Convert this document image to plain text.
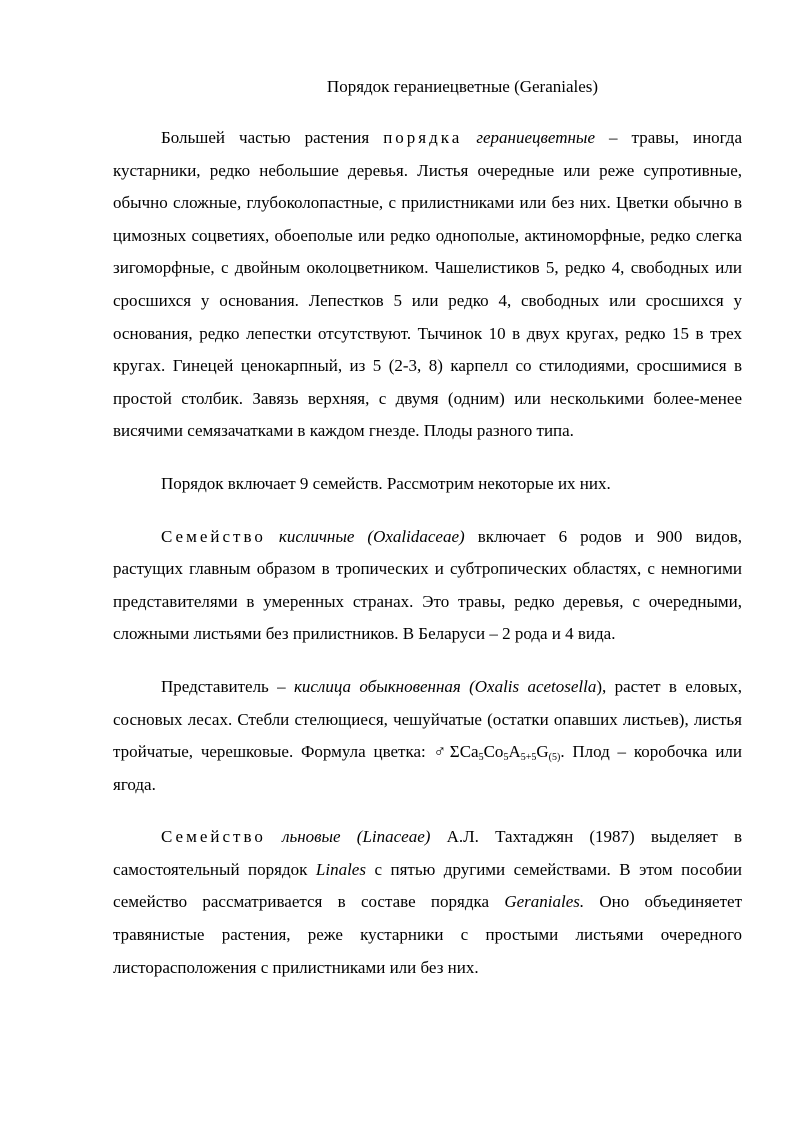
Порядок гераниецветные (Geraniales)

Большей частью растения порядка гераниецветные – травы, иногда кустарники, редко небольшие деревья. Листья очередные или реже супротивные, обычно сложные, глубоколопастные, с прилистниками или без них. Цветки обычно в цимозных соцветиях, обоеполые или редко однополые, актиноморфные, редко слегка зигоморфные, с двойным околоцветником. Чашелистиков 5, редко 4, свободных или сросшихся у основания. Лепестков 5 или редко 4, свободных или сросшихся у основания, редко лепестки отсутствуют. Тычинок 10 в двух кругах, редко 15 в трех кругах. Гинецей ценокарпный, из 5 (2-3, 8) карпелл со стилодиями, сросшимися в простой столбик. Завязь верхняя, с двумя (одним) или несколькими более-менее висячими семязачатками в каждом гнезде. Плоды разного типа.

Порядок включает 9 семейств. Рассмотрим некоторые их них.

Семейство кисличные (Oxalidaceae) включает 6 родов и 900 видов, растущих главным образом в тропических и субтропических областях, с немногими представителями в умеренных странах. Это травы, редко деревья, с очередными, сложными листьями без прилистников. В Беларуси – 2 рода и 4 вида.

Представитель – кислица обыкновенная (Oxalis acetosella), растет в еловых, сосновых лесах. Стебли стелющиеся, чешуйчатые (остатки опавших листьев), листья тройчатые, черешковые. Формула цветка: $♂\Sigma Ca_5Co_5A_{5+5}G_{(5)}$. Плод – коробочка или ягода.

Семейство льновые (Linaceae) А.Л. Тахтаджян (1987) выделяет в самостоятельный порядок Linales с пятью другими семействами. В этом пособии семейство рассматривается в составе порядка Geraniales. Оно объединяетет травянистые растения, реже кустарники с простыми листьями очередного листорасположения с прилистниками или без них.
